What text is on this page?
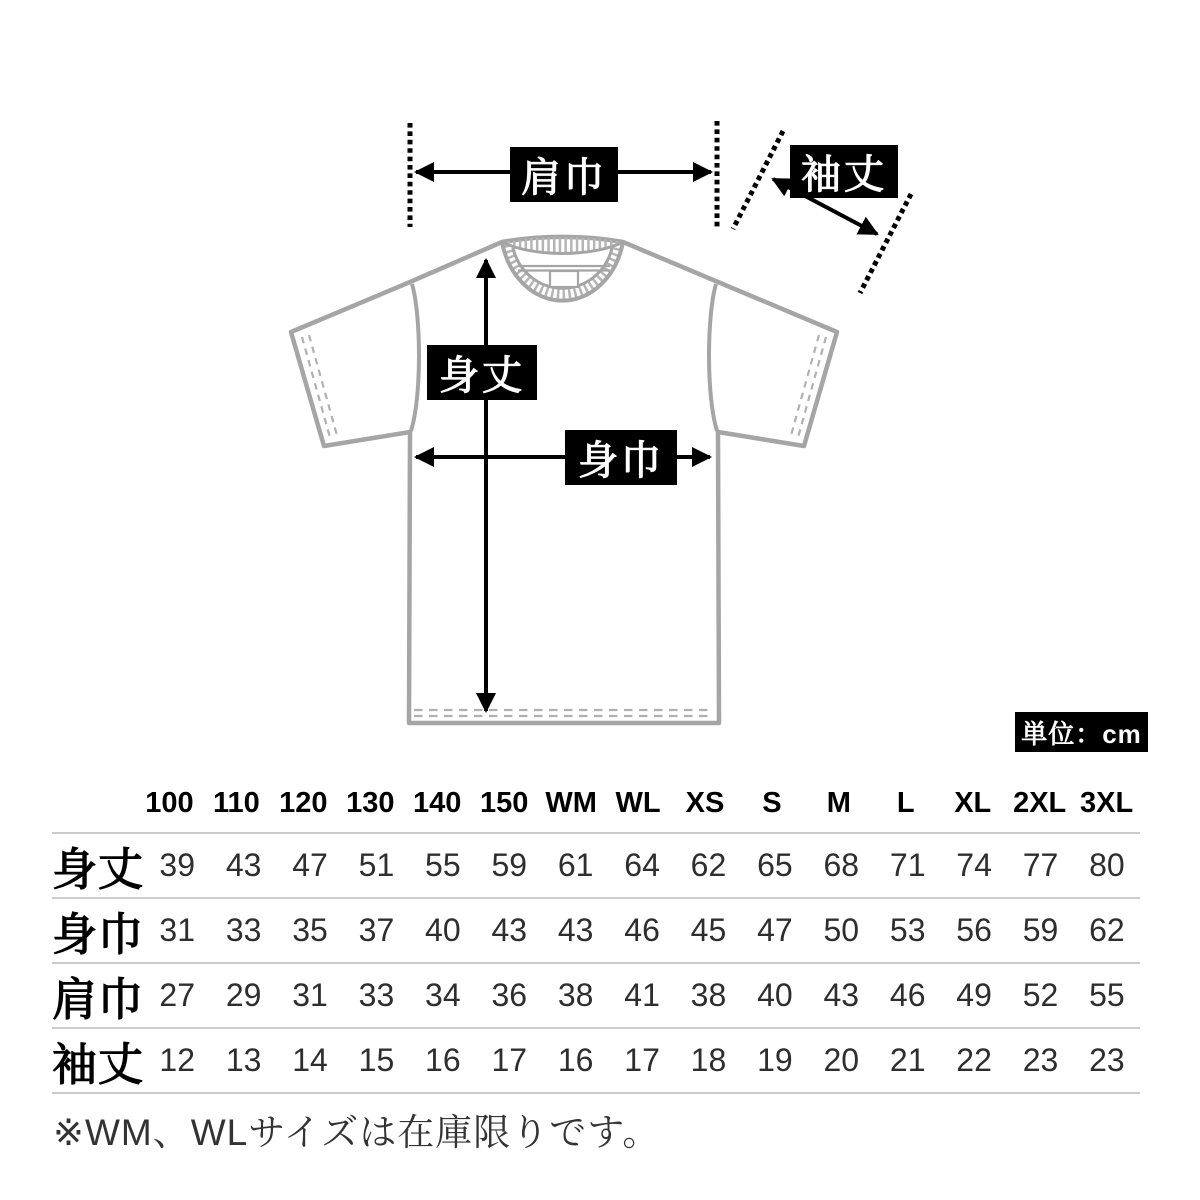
肩巾	袖丈
身丈
身巾
単位：cm
100 110 120 130 140 150 WM WL XS	S	M	L	XL 2XL 3XL
身丈 39 43 47 51 55 59 61 64 62 65 68 71 74 77 80
身巾 31 33 35 37 40 43 43 46 45 47 50 53 56 59 62
肩巾 27 29 31 33 34 36 38 41 38 40 43 46 49 52 55
袖丈 12 13 14 15 16 17 16 17 18 19 20 21 22 23 23
※WM、WLサイズは在庫限りです。
